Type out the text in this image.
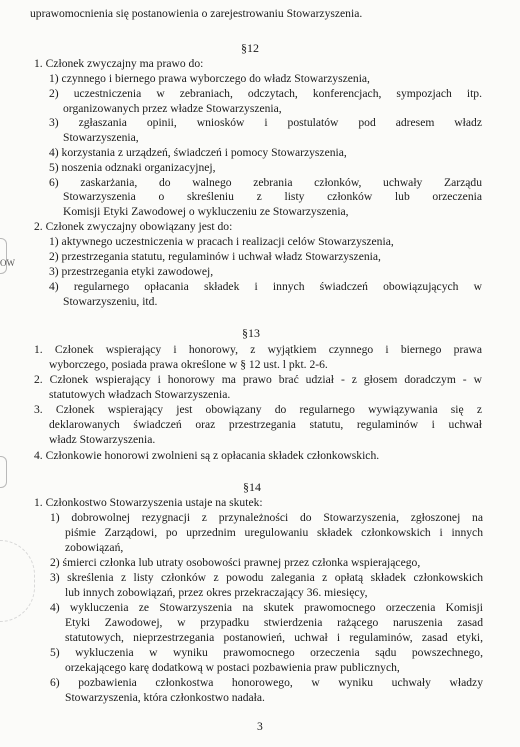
OW
uprawomocnienia się postanowienia o zarejestrowaniu Stowarzyszenia.
§12
1. Członek zwyczajny ma prawo do:
1) czynnego i biernego prawa wyborczego do władz Stowarzyszenia,
2) uczestniczenia w zebraniach, odczytach, konferencjach, sympozjach itp.
organizowanych przez władze Stowarzyszenia,
3) zgłaszania opinii, wniosków i postulatów pod adresem władz
Stowarzyszenia,
4) korzystania z urządzeń, świadczeń i pomocy Stowarzyszenia,
5) noszenia odznaki organizacyjnej,
6) zaskarżania, do walnego zebrania członków, uchwały Zarządu
Stowarzyszenia o skreśleniu z listy członków lub orzeczenia
Komisji Etyki Zawodowej o wykluczeniu ze Stowarzyszenia,
2. Członek zwyczajny obowiązany jest do:
1) aktywnego uczestniczenia w pracach i realizacji celów Stowarzyszenia,
2) przestrzegania statutu, regulaminów i uchwał władz Stowarzyszenia,
3) przestrzegania etyki zawodowej,
4) regularnego opłacania składek i innych świadczeń obowiązujących w
Stowarzyszeniu, itd.
§13
1. Członek wspierający i honorowy, z wyjątkiem czynnego i biernego prawa
wyborczego, posiada prawa określone w § 12 ust. l pkt. 2-6.
2. Członek wspierający i honorowy ma prawo brać udział - z głosem doradczym - w
statutowych władzach Stowarzyszenia.
3. Członek wspierający jest obowiązany do regularnego wywiązywania się z
deklarowanych świadczeń oraz przestrzegania statutu, regulaminów i uchwał
władz Stowarzyszenia.
4. Członkowie honorowi zwolnieni są z opłacania składek członkowskich.
§14
1. Członkostwo Stowarzyszenia ustaje na skutek:
1) dobrowolnej rezygnacji z przynależności do Stowarzyszenia, zgłoszonej na
piśmie Zarządowi, po uprzednim uregulowaniu składek członkowskich i innych
zobowiązań,
2) śmierci członka lub utraty osobowości prawnej przez członka wspierającego,
3) skreślenia z listy członków z powodu zalegania z opłatą składek członkowskich
lub innych zobowiązań, przez okres przekraczający 36. miesięcy,
4) wykluczenia ze Stowarzyszenia na skutek prawomocnego orzeczenia Komisji
Etyki Zawodowej, w przypadku stwierdzenia rażącego naruszenia zasad
statutowych, nieprzestrzegania postanowień, uchwał i regulaminów, zasad etyki,
5) wykluczenia w wyniku prawomocnego orzeczenia sądu powszechnego,
orzekającego karę dodatkową w postaci pozbawienia praw publicznych,
6) pozbawienia członkostwa honorowego, w wyniku uchwały władzy
Stowarzyszenia, która członkostwo nadała.
3
